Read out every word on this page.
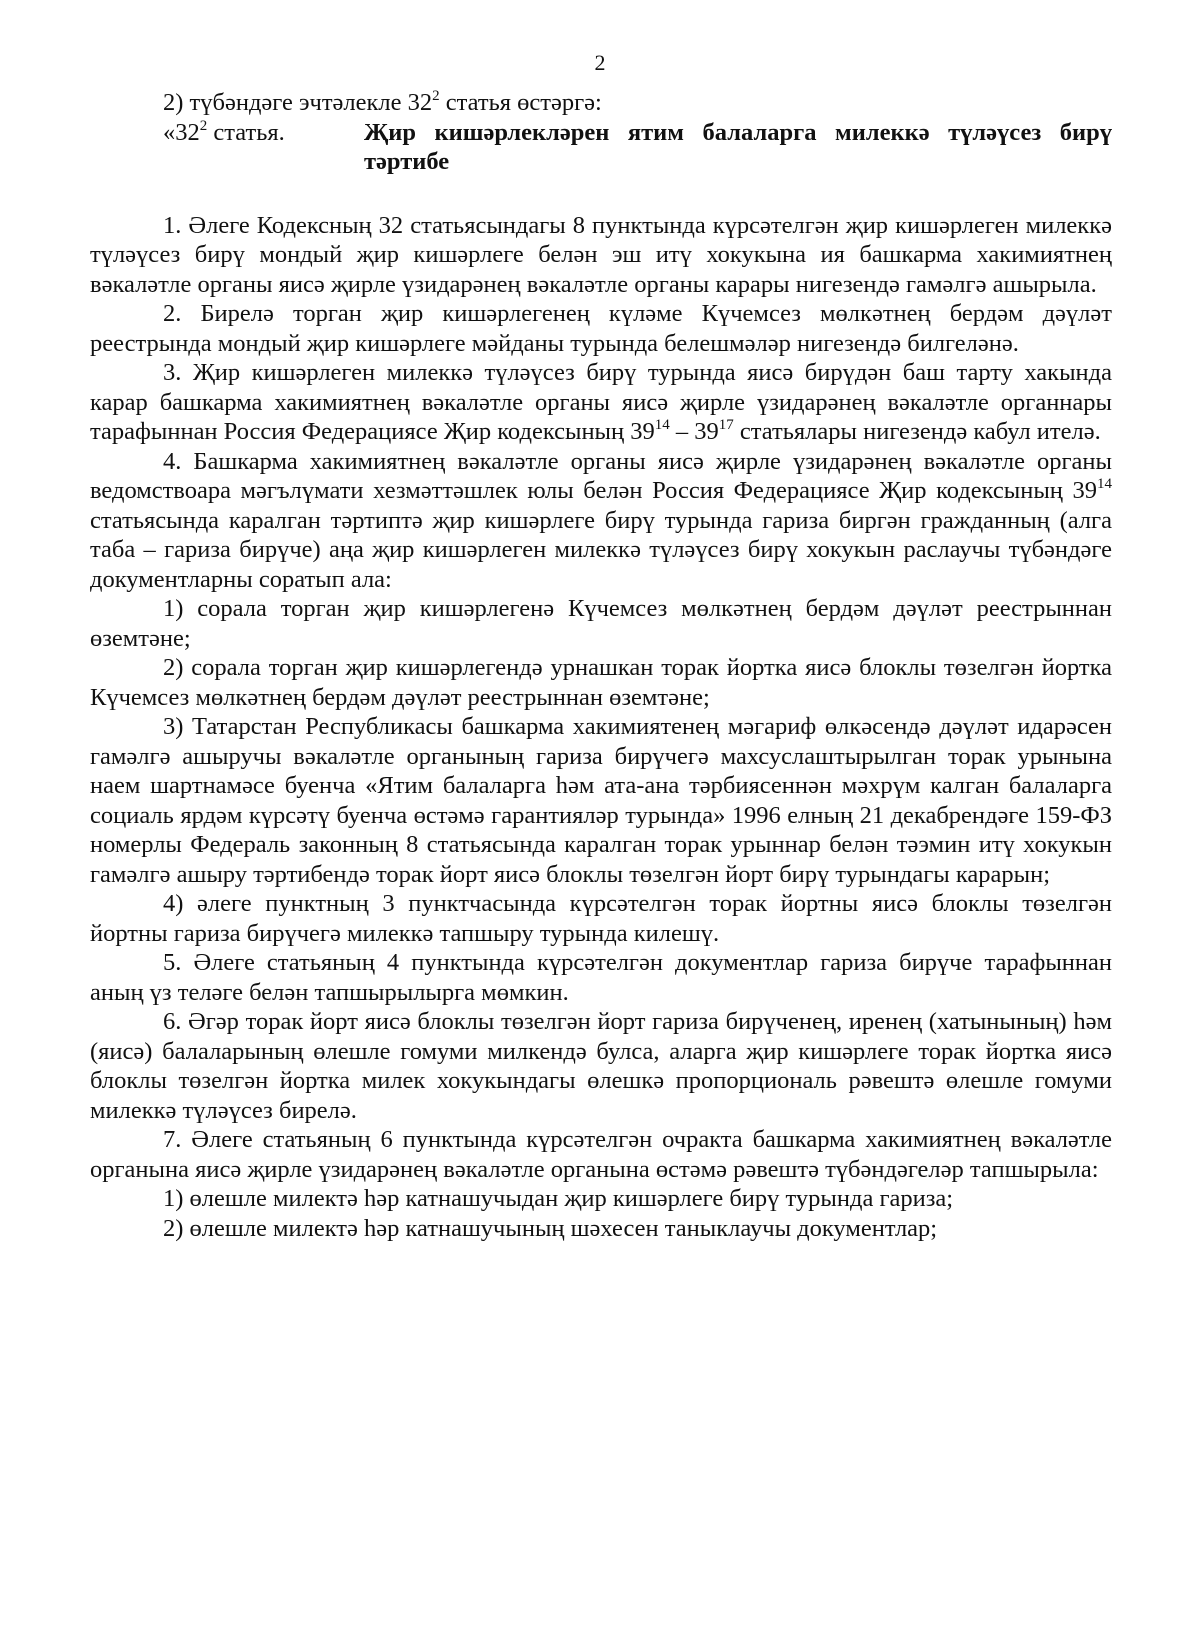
2

2) түбәндәге эчтәлекле $32^2$ статья өстәргә:

«$32^2$ статья.	Җир кишәрлекләрен ятим балаларга милеккә түләүсез бирү тәртибе

1. Әлеге Кодексның 32 статьясындагы 8 пунктында күрсәтелгән җир кишәрлеген милеккә түләүсез бирү мондый җир кишәрлеге белән эш итү хокукына ия башкарма хакимиятнең вәкаләтле органы яисә җирле үзидарәнең вәкаләтле органы карары нигезендә гамәлгә ашырыла.

2. Бирелә торган җир кишәрлегенең күләме Күчемсез мөлкәтнең бердәм дәүләт реестрында мондый җир кишәрлеге мәйданы турында белешмәләр нигезендә билгеләнә.

3. Җир кишәрлеген милеккә түләүсез бирү турында яисә бирүдән баш тарту хакында карар башкарма хакимиятнең вәкаләтле органы яисә җирле үзидарәнең вәкаләтле органнары тарафыннан Россия Федерациясе Җир кодексының $39^{14} - 39^{17}$ статьялары нигезендә кабул ителә.

4. Башкарма хакимиятнең вәкаләтле органы яисә җирле үзидарәнең вәкаләтле органы ведомствоара мәгълүмати хезмәттәшлек юлы белән Россия Федерациясе Җир кодексының $39^{14}$ статьясында каралган тәртиптә җир кишәрлеге бирү турында гариза биргән гражданның (алга таба – гариза бирүче) аңа җир кишәрлеген милеккә түләүсез бирү хокукын раслаучы түбәндәге документларны соратып ала:

1) сорала торган җир кишәрлегенә Күчемсез мөлкәтнең бердәм дәүләт реестрыннан өземтәне;

2) сорала торган җир кишәрлегендә урнашкан торак йортка яисә блоклы төзелгән йортка Күчемсез мөлкәтнең бердәм дәүләт реестрыннан өземтәне;

3) Татарстан Республикасы башкарма хакимиятенең мәгариф өлкәсендә дәүләт идарәсен гамәлгә ашыручы вәкаләтле органының гариза бирүчегә махсуслаштырылган торак урынына наем шартнамәсе буенча «Ятим балаларга һәм ата-ана тәрбиясеннән мәхрүм калган балаларга социаль ярдәм күрсәтү буенча өстәмә гарантияләр турында» 1996 елның 21 декабрендәге 159-ФЗ номерлы Федераль законның 8 статьясында каралган торак урыннар белән тәэмин итү хокукын гамәлгә ашыру тәртибендә торак йорт яисә блоклы төзелгән йорт бирү турындагы карарын;

4) әлеге пунктның 3 пунктчасында күрсәтелгән торак йортны яисә блоклы төзелгән йортны гариза бирүчегә милеккә тапшыру турында килешү.

5. Әлеге статьяның 4 пунктында күрсәтелгән документлар гариза бирүче тарафыннан аның үз теләге белән тапшырылырга мөмкин.

6. Әгәр торак йорт яисә блоклы төзелгән йорт гариза бирүченең, иренең (хатынының) һәм (яисә) балаларының өлешле гомуми милкендә булса, аларга җир кишәрлеге торак йортка яисә блоклы төзелгән йортка милек хокукындагы өлешкә пропорциональ рәвештә өлешле гомуми милеккә түләүсез бирелә.

7. Әлеге статьяның 6 пунктында күрсәтелгән очракта башкарма хакимиятнең вәкаләтле органына яисә җирле үзидарәнең вәкаләтле органына өстәмә рәвештә түбәндәгеләр тапшырыла:

1) өлешле милектә һәр катнашучыдан җир кишәрлеге бирү турында гариза;

2) өлешле милектә һәр катнашучының шәхесен таныклаучы документлар;
